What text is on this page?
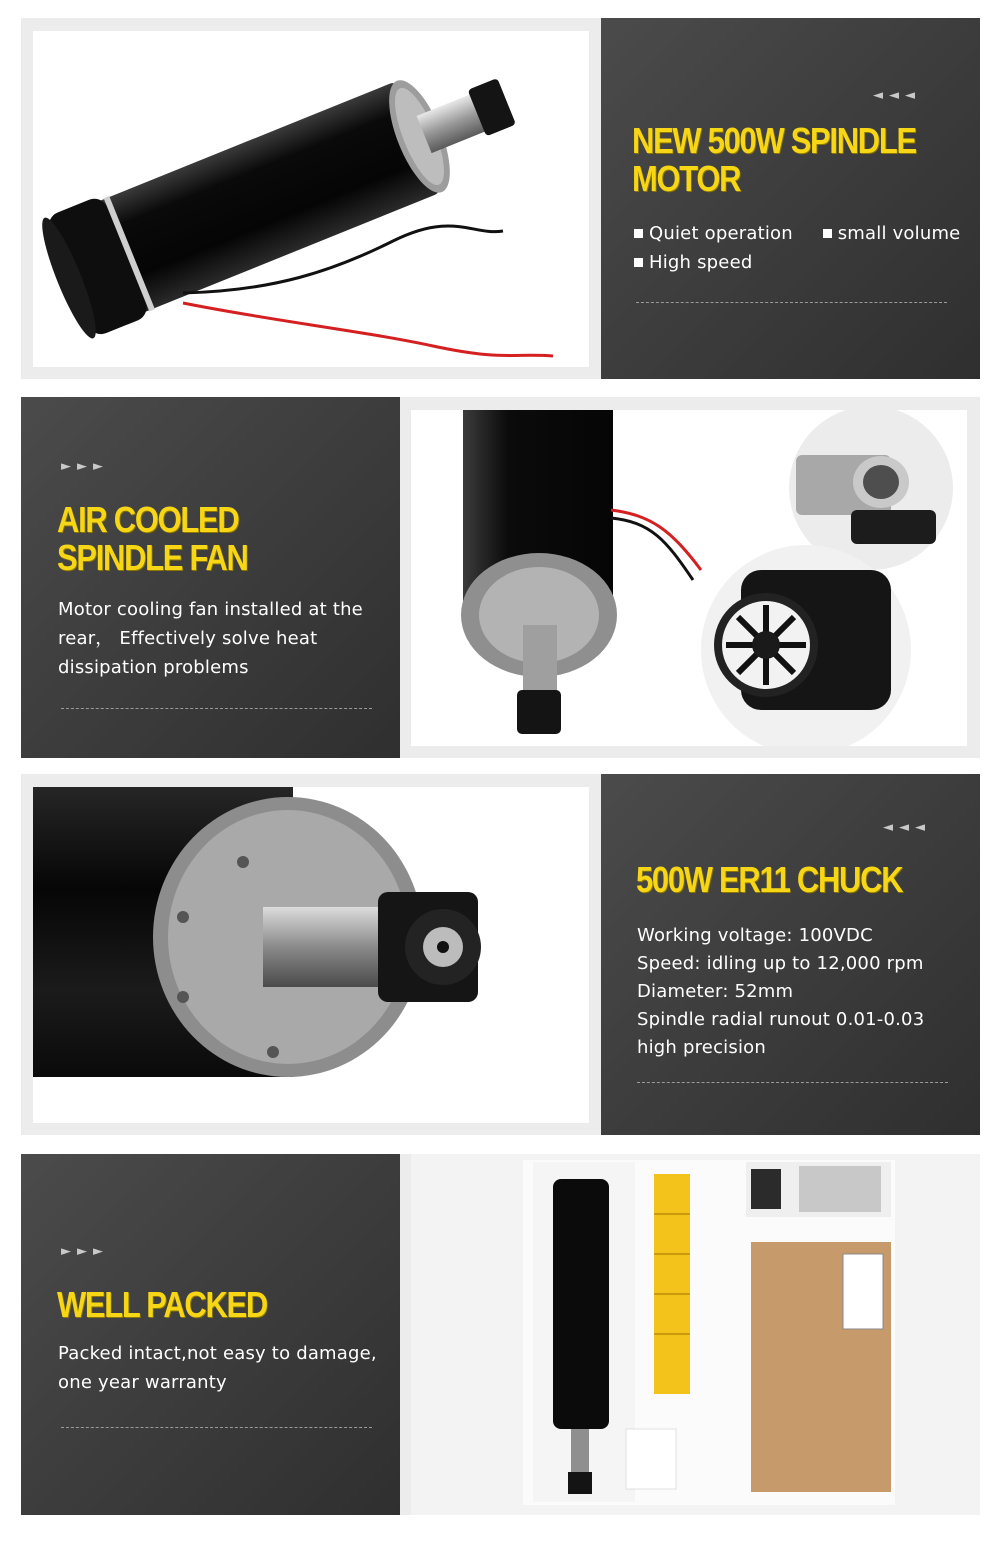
◄◄◄
NEW 500W SPINDLE
MOTOR
Quiet operation small volume
High speed
►►►
AIR COOLED
SPINDLE FAN
Motor cooling fan installed at the
rear， Effectively solve heat
dissipation problems
◄◄◄
500W ER11 CHUCK
Working voltage: 100VDC
Speed: idling up to 12,000 rpm
Diameter: 52mm
Spindle radial runout 0.01-0.03
high precision
►►►
WELL PACKED
Packed intact,not easy to damage,
one year warranty
